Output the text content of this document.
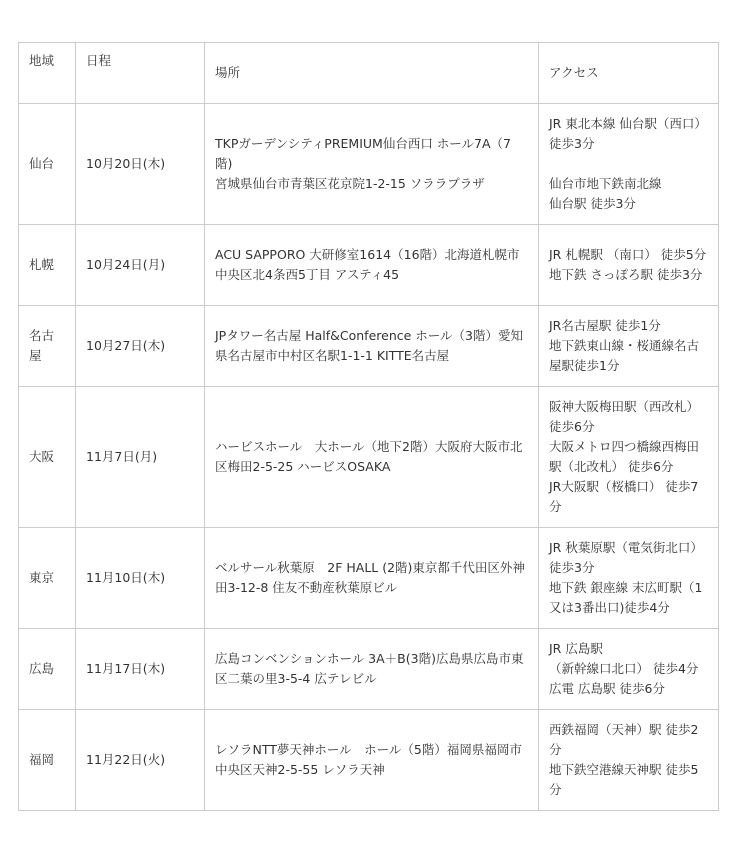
地域	日程	場所	アクセス
仙台	10月20日(木)	TKPガーデンシティPREMIUM仙台西口 ホール7A（7階)
宮城県仙台市青葉区花京院1-2-15 ソララプラザ	JR 東北本線 仙台駅（西口）徒歩3分
仙台市地下鉄南北線
仙台駅 徒歩3分

札幌	10月24日(月)	ACU SAPPORO 大研修室1614（16階）北海道札幌市中央区北4条西5丁目 アスティ45	JR 札幌駅 （南口） 徒歩5分
地下鉄 さっぽろ駅 徒歩3分

名古屋	10月27日(木)	JPタワー名古屋 Half&Conference ホール（3階）愛知県名古屋市中村区名駅1-1-1 KITTE名古屋	JR名古屋駅 徒歩1分
地下鉄東山線・桜通線名古屋駅徒歩1分

大阪	11月7日(月)	ハービスホール　大ホール（地下2階）大阪府大阪市北区梅田2-5-25 ハービスOSAKA	阪神大阪梅田駅（西改札）徒歩6分
大阪メトロ四つ橋線西梅田駅（北改札） 徒歩6分
JR大阪駅（桜橋口） 徒歩7分

東京	11月10日(木)	ベルサール秋葉原　2F HALL (2階)東京都千代田区外神田3-12-8 住友不動産秋葉原ビル	JR 秋葉原駅（電気街北口）徒歩3分
地下鉄 銀座線 末広町駅（1又は3番出口)徒歩4分

広島	11月17日(木)	広島コンベンションホール 3A＋B(3階)広島県広島市東区二葉の里3-5-4 広テレビル	JR 広島駅
（新幹線口北口） 徒歩4分
広電 広島駅 徒歩6分

福岡	11月22日(火)	レソラNTT夢天神ホール　ホール（5階）福岡県福岡市中央区天神2-5-55 レソラ天神	西鉄福岡（天神）駅 徒歩2分
地下鉄空港線天神駅 徒歩5分
